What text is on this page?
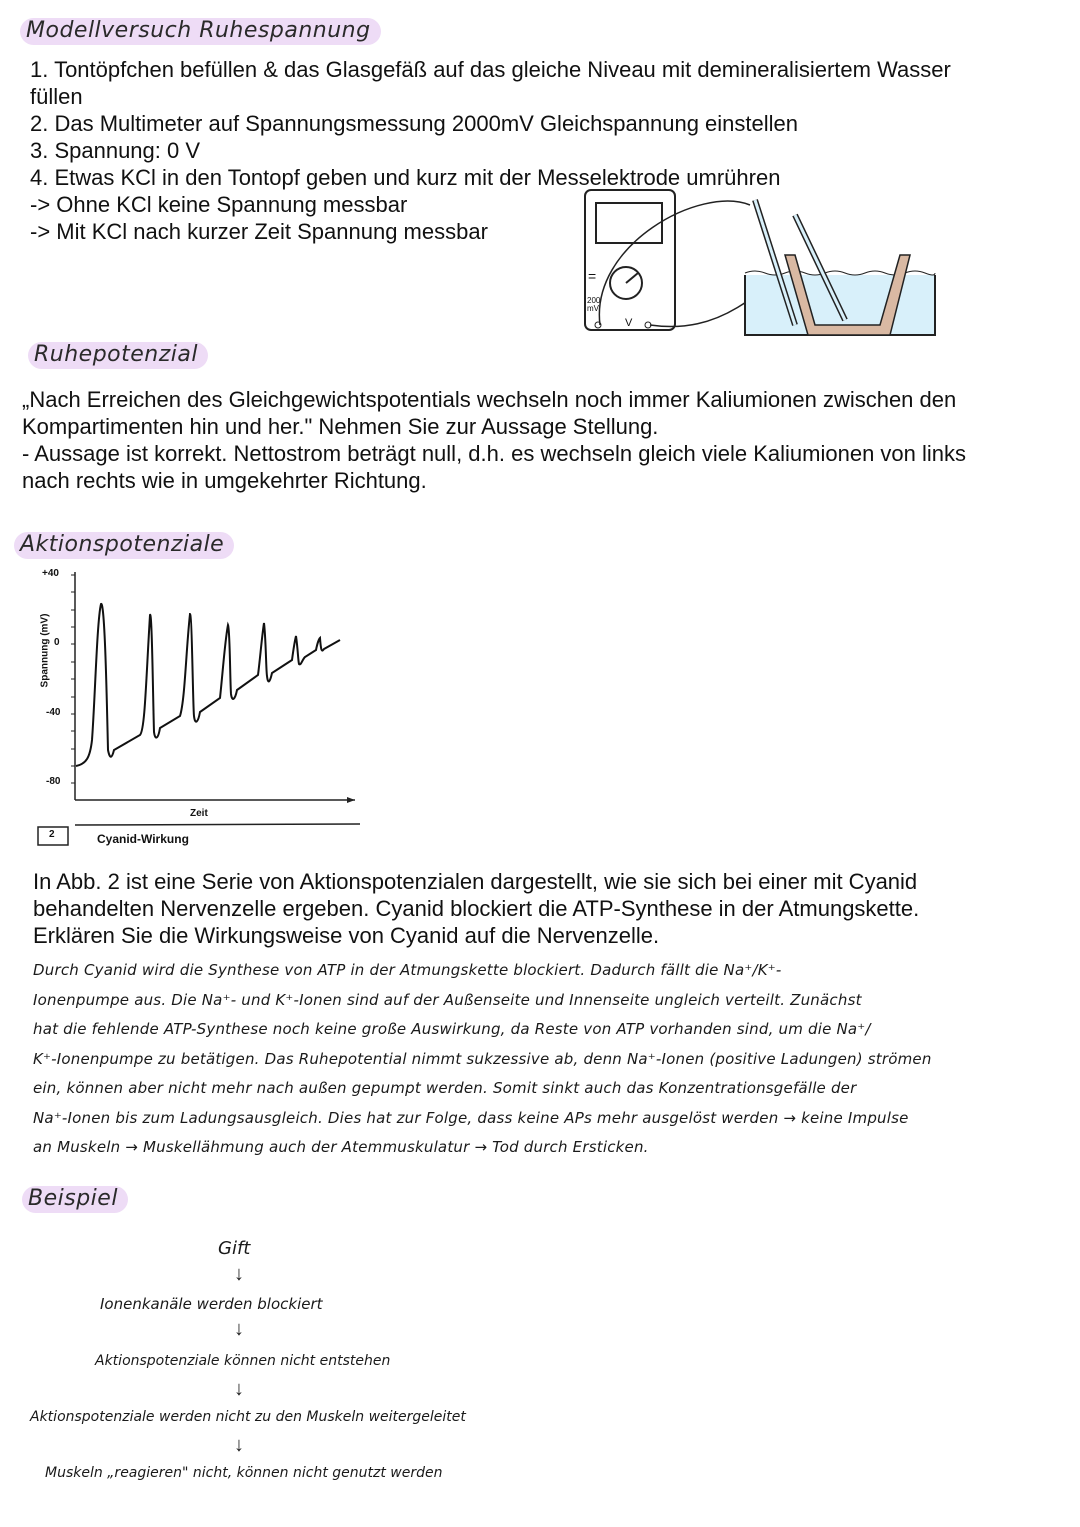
Modellversuch Ruhespannung
1. Tontöpfchen befüllen & das Glasgefäß auf das gleiche Niveau mit demineralisiertem Wasser
füllen
2. Das Multimeter auf Spannungsmessung 2000mV Gleichspannung einstellen
3. Spannung: 0 V
4. Etwas KCl in den Tontopf geben und kurz mit der Messelektrode umrühren
-> Ohne KCl keine Spannung messbar
-> Mit KCl nach kurzer Zeit Spannung messbar
=
200 mV
V
Ruhepotenzial
„Nach Erreichen des Gleichgewichtspotentials wechseln noch immer Kaliumionen zwischen den
Kompartimenten hin und her." Nehmen Sie zur Aussage Stellung.
- Aussage ist korrekt. Nettostrom beträgt null, d.h. es wechseln gleich viele Kaliumionen von links
nach rechts wie in umgekehrter Richtung.
Aktionspotenziale
+40
0
-40
-80
Spannung (mV)
Zeit
2	Cyanid-Wirkung
In Abb. 2 ist eine Serie von Aktionspotenzialen dargestellt, wie sie sich bei einer mit Cyanid
behandelten Nervenzelle ergeben. Cyanid blockiert die ATP-Synthese in der Atmungskette.
Erklären Sie die Wirkungsweise von Cyanid auf die Nervenzelle.
Durch Cyanid wird die Synthese von ATP in der Atmungskette blockiert. Dadurch fällt die Na⁺/K⁺-
Ionenpumpe aus. Die Na⁺- und K⁺-Ionen sind auf der Außenseite und Innenseite ungleich verteilt. Zunächst
hat die fehlende ATP-Synthese noch keine große Auswirkung, da Reste von ATP vorhanden sind, um die Na⁺/
K⁺-Ionenpumpe zu betätigen. Das Ruhepotential nimmt sukzessive ab, denn Na⁺-Ionen (positive Ladungen) strömen
ein, können aber nicht mehr nach außen gepumpt werden. Somit sinkt auch das Konzentrationsgefälle der
Na⁺-Ionen bis zum Ladungsausgleich. Dies hat zur Folge, dass keine APs mehr ausgelöst werden → keine Impulse
an Muskeln → Muskellähmung auch der Atemmuskulatur → Tod durch Ersticken.
Beispiel
Gift
↓
Ionenkanäle werden blockiert
↓
Aktionspotenziale können nicht entstehen
↓
Aktionspotenziale werden nicht zu den Muskeln weitergeleitet
↓
Muskeln „reagieren" nicht, können nicht genutzt werden
